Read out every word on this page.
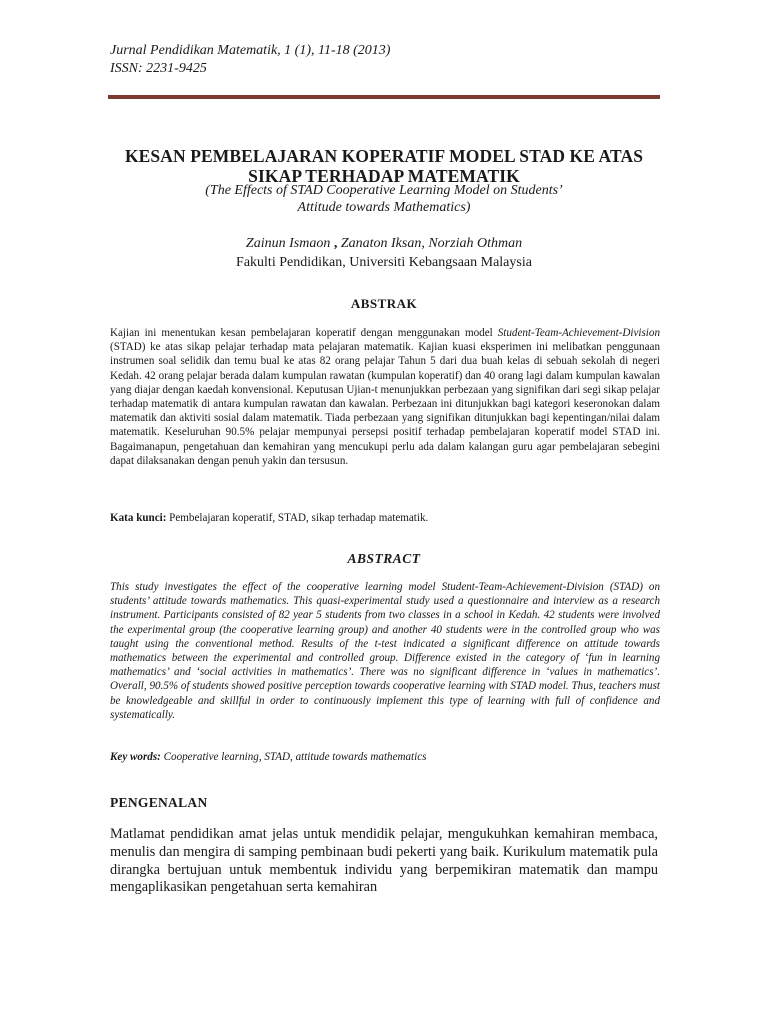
Jurnal Pendidikan Matematik, 1 (1), 11-18 (2013)
ISSN: 2231-9425
KESAN PEMBELAJARAN KOPERATIF MODEL STAD KE ATAS
SIKAP TERHADAP MATEMATIK
(The Effects of STAD Cooperative Learning Model on Students’
Attitude towards Mathematics)
Zainun Ismaon , Zanaton Iksan, Norziah Othman
Fakulti Pendidikan, Universiti Kebangsaan Malaysia
ABSTRAK
Kajian ini menentukan kesan pembelajaran koperatif dengan menggunakan model Student-Team-Achievement-Division (STAD) ke atas sikap pelajar terhadap mata pelajaran matematik. Kajian kuasi eksperimen ini melibatkan penggunaan instrumen soal selidik dan temu bual ke atas 82 orang pelajar Tahun 5 dari dua buah kelas di sebuah sekolah di negeri Kedah. 42 orang pelajar berada dalam kumpulan rawatan (kumpulan koperatif) dan 40 orang lagi dalam kumpulan kawalan yang diajar dengan kaedah konvensional. Keputusan Ujian-t menunjukkan perbezaan yang signifikan dari segi sikap pelajar terhadap matematik di antara kumpulan rawatan dan kawalan. Perbezaan ini ditunjukkan bagi kategori keseronokan dalam matematik dan aktiviti sosial dalam matematik. Tiada perbezaan yang signifikan ditunjukkan bagi kepentingan/nilai dalam matematik. Keseluruhan 90.5% pelajar mempunyai persepsi positif terhadap pembelajaran koperatif model STAD ini. Bagaimanapun, pengetahuan dan kemahiran yang mencukupi perlu ada dalam kalangan guru agar pembelajaran sebegini dapat dilaksanakan dengan penuh yakin dan tersusun.
Kata kunci: Pembelajaran koperatif, STAD, sikap terhadap matematik.
ABSTRACT
This study investigates the effect of the cooperative learning model Student-Team-Achievement-Division (STAD) on students’ attitude towards mathematics. This quasi-experimental study used a questionnaire and interview as a research instrument. Participants consisted of 82 year 5 students from two classes in a school in Kedah. 42 students were involved the experimental group (the cooperative learning group) and another 40 students were in the controlled group who was taught using the conventional method. Results of the t-test indicated a significant difference on attitude towards mathematics between the experimental and controlled group. Difference existed in the category of ‘fun in learning mathematics’ and ‘social activities in mathematics’. There was no significant difference in ‘values in mathematics’. Overall, 90.5% of students showed positive perception towards cooperative learning with STAD model. Thus, teachers must be knowledgeable and skillful in order to continuously implement this type of learning with full of confidence and systematically.
Key words: Cooperative learning, STAD, attitude towards mathematics
PENGENALAN
Matlamat pendidikan amat jelas untuk mendidik pelajar, mengukuhkan kemahiran membaca, menulis dan mengira di samping pembinaan budi pekerti yang baik. Kurikulum matematik pula dirangka bertujuan untuk membentuk individu yang berpemikiran matematik dan mampu mengaplikasikan pengetahuan serta kemahiran
